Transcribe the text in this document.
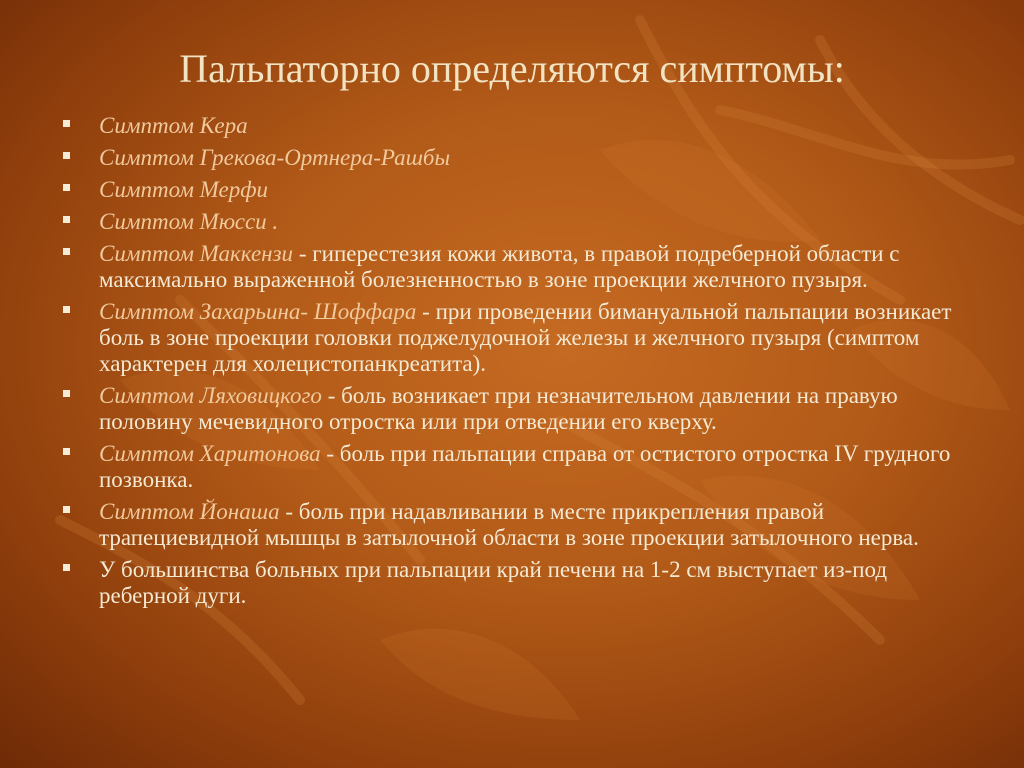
Пальпаторно определяются симптомы:
Симптом Кера
Симптом Грекова-Ортнера-Рашбы
Симптом Мерфи
Симптом Мюсси .
Симптом Маккензи - гиперестезия кожи живота, в правой подреберной области с максимально выраженной болезненностью в зоне проекции желчного пузыря.
Симптом Захарьина- Шоффара - при проведении бимануальной пальпации возникает боль в зоне проекции головки поджелудочной железы и желчного пузыря (симптом характерен для холецистопанкреатита).
Симптом Ляховицкого - боль возникает при незначительном давлении на правую половину мечевидного отростка или при отведении его кверху.
Симптом Харитонова - боль при пальпации справа от остистого отростка IV грудного позвонка.
Симптом Йонаша - боль при надавливании в месте прикрепления правой трапециевидной мышцы в затылочной области в зоне проекции затылочного нерва.
У большинства больных при пальпации край печени на 1-2 см выступает из-под реберной дуги.
